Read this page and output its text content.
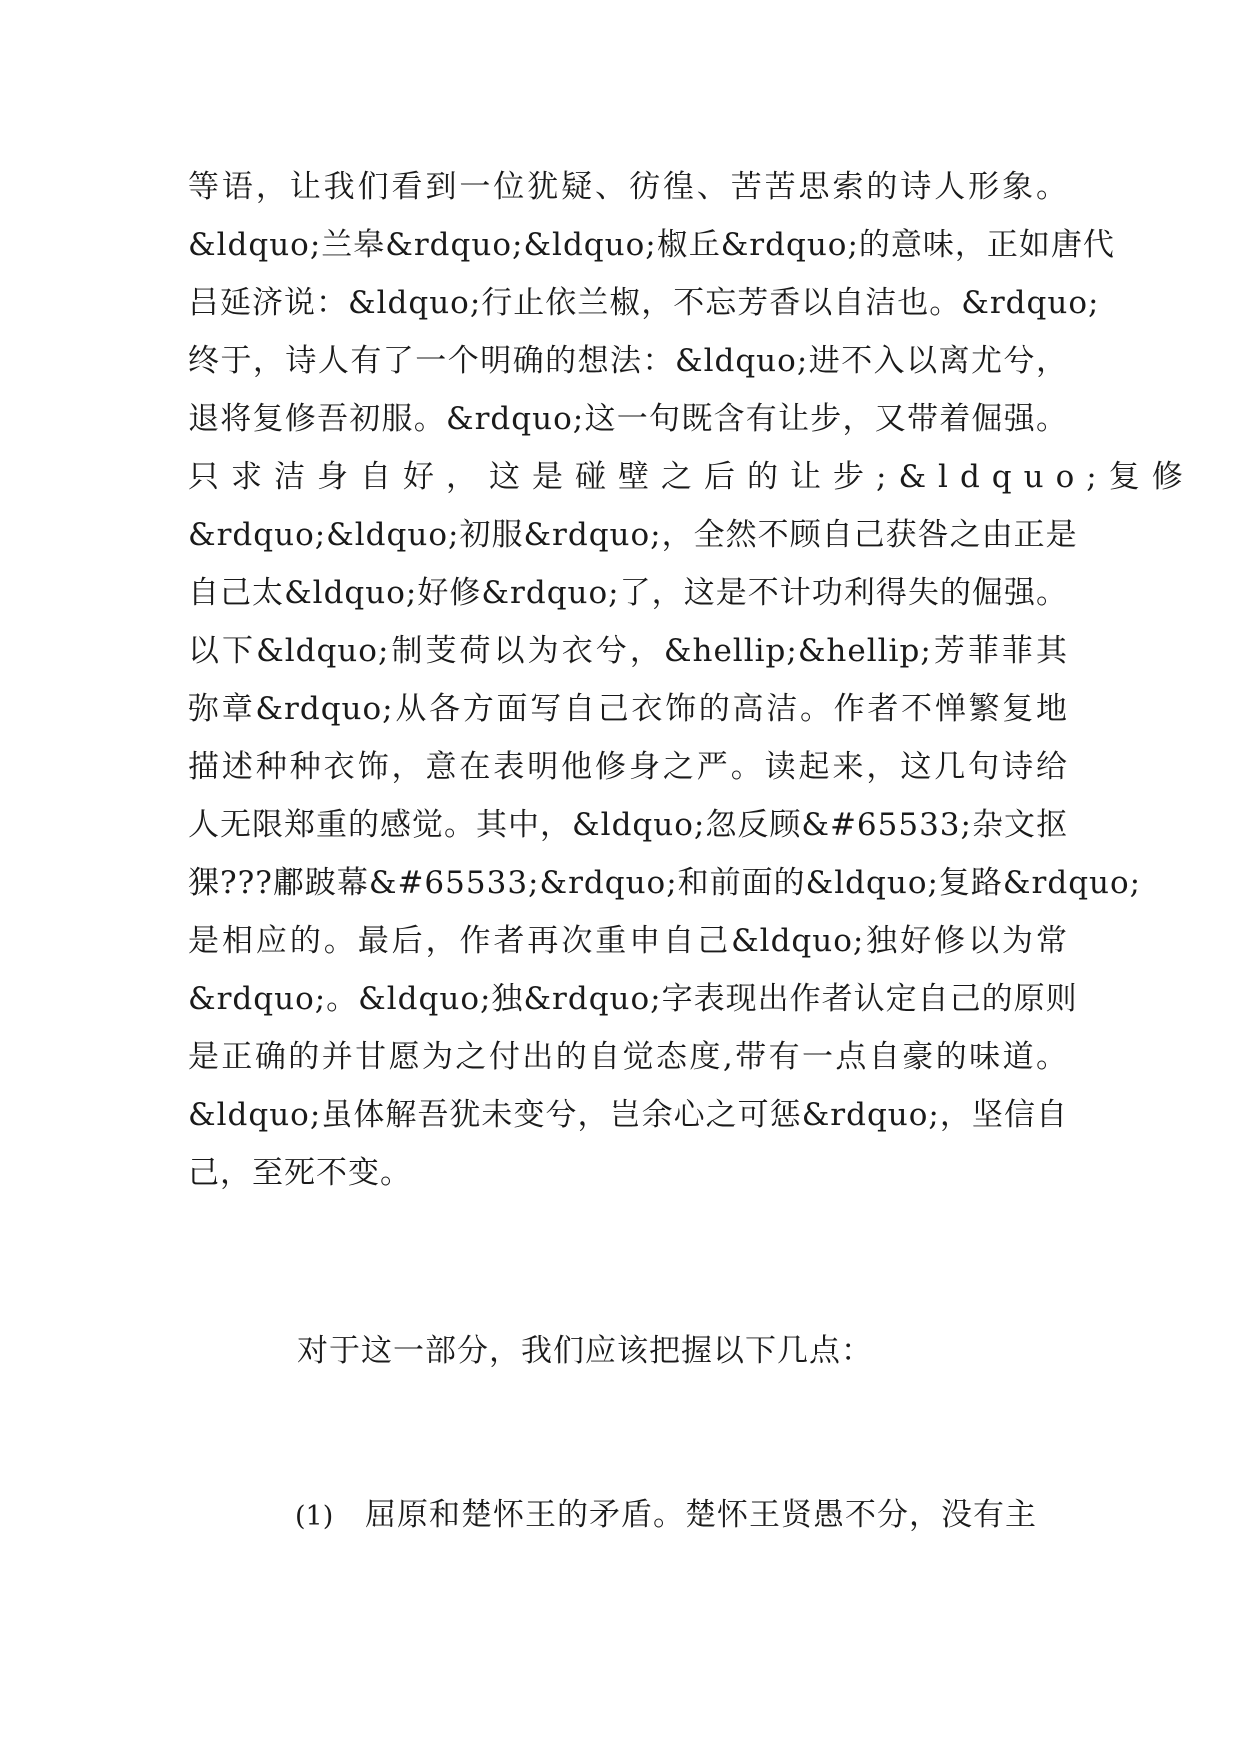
等语，让我们看到一位犹疑、彷徨、苦苦思索的诗人形象。
&ldquo;兰皋&rdquo;&ldquo;椒丘&rdquo;的意味，正如唐代
吕延济说：&ldquo;行止依兰椒，不忘芳香以自洁也。&rdquo;
终于，诗人有了一个明确的想法：&ldquo;进不入以离尤兮，
退将复修吾初服。&rdquo;这一句既含有让步，又带着倔强。
只求洁身自好，这是碰壁之后的让步;&ldquo;复修
&rdquo;&ldquo;初服&rdquo;，全然不顾自己获咎之由正是
自己太&ldquo;好修&rdquo;了，这是不计功利得失的倔强。
以下&ldquo;制芰荷以为衣兮，&hellip;&hellip;芳菲菲其
弥章&rdquo;从各方面写自己衣饰的高洁。作者不惮繁复地
描述种种衣饰，意在表明他修身之严。读起来，这几句诗给
人无限郑重的感觉。其中，&ldquo;忽反顾&#65533;杂文抠
猓???鄘跛幕&#65533;&rdquo;和前面的&ldquo;复路&rdquo;
是相应的。最后，作者再次重申自己&ldquo;独好修以为常
&rdquo;。&ldquo;独&rdquo;字表现出作者认定自己的原则
是正确的并甘愿为之付出的自觉态度,带有一点自豪的味道。
&ldquo;虽体解吾犹未变兮，岂余心之可惩&rdquo;，坚信自
己，至死不变。
对于这一部分，我们应该把握以下几点：
(1) 屈原和楚怀王的矛盾。楚怀王贤愚不分，没有主
